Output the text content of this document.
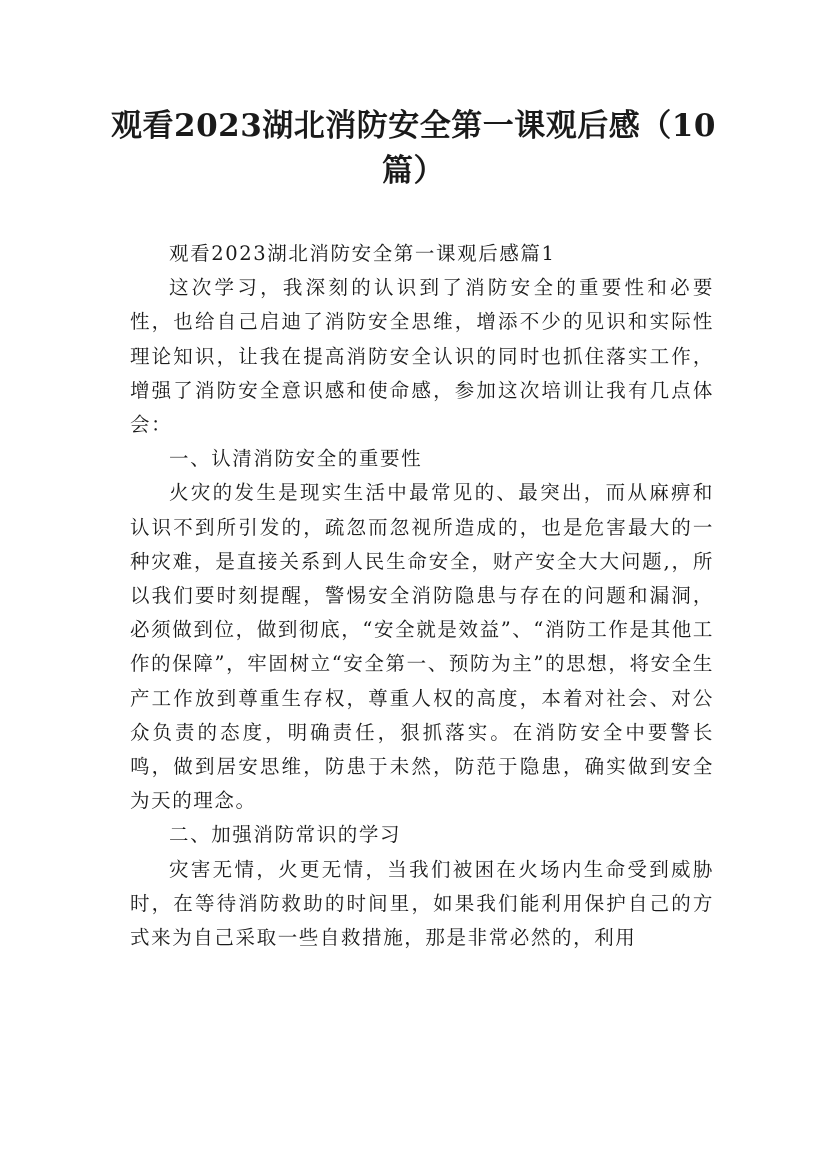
观看2023湖北消防安全第一课观后感（10篇）

观看2023湖北消防安全第一课观后感篇1

这次学习，我深刻的认识到了消防安全的重要性和必要性，也给自己启迪了消防安全思维，增添不少的见识和实际性理论知识，让我在提高消防安全认识的同时也抓住落实工作，增强了消防安全意识感和使命感，参加这次培训让我有几点体会：

一、认清消防安全的重要性

火灾的发生是现实生活中最常见的、最突出，而从麻痹和认识不到所引发的，疏忽而忽视所造成的，也是危害最大的一种灾难，是直接关系到人民生命安全，财产安全大大问题,，所以我们要时刻提醒，警惕安全消防隐患与存在的问题和漏洞，必须做到位，做到彻底，“安全就是效益”、“消防工作是其他工作的保障”，牢固树立“安全第一、预防为主”的思想，将安全生产工作放到尊重生存权，尊重人权的高度，本着对社会、对公众负责的态度，明确责任，狠抓落实。在消防安全中要警长鸣，做到居安思维，防患于未然，防范于隐患，确实做到安全为天的理念。

二、加强消防常识的学习

灾害无情，火更无情，当我们被困在火场内生命受到威胁时，在等待消防救助的时间里，如果我们能利用保护自己的方式来为自己采取一些自救措施，那是非常必然的，利用
